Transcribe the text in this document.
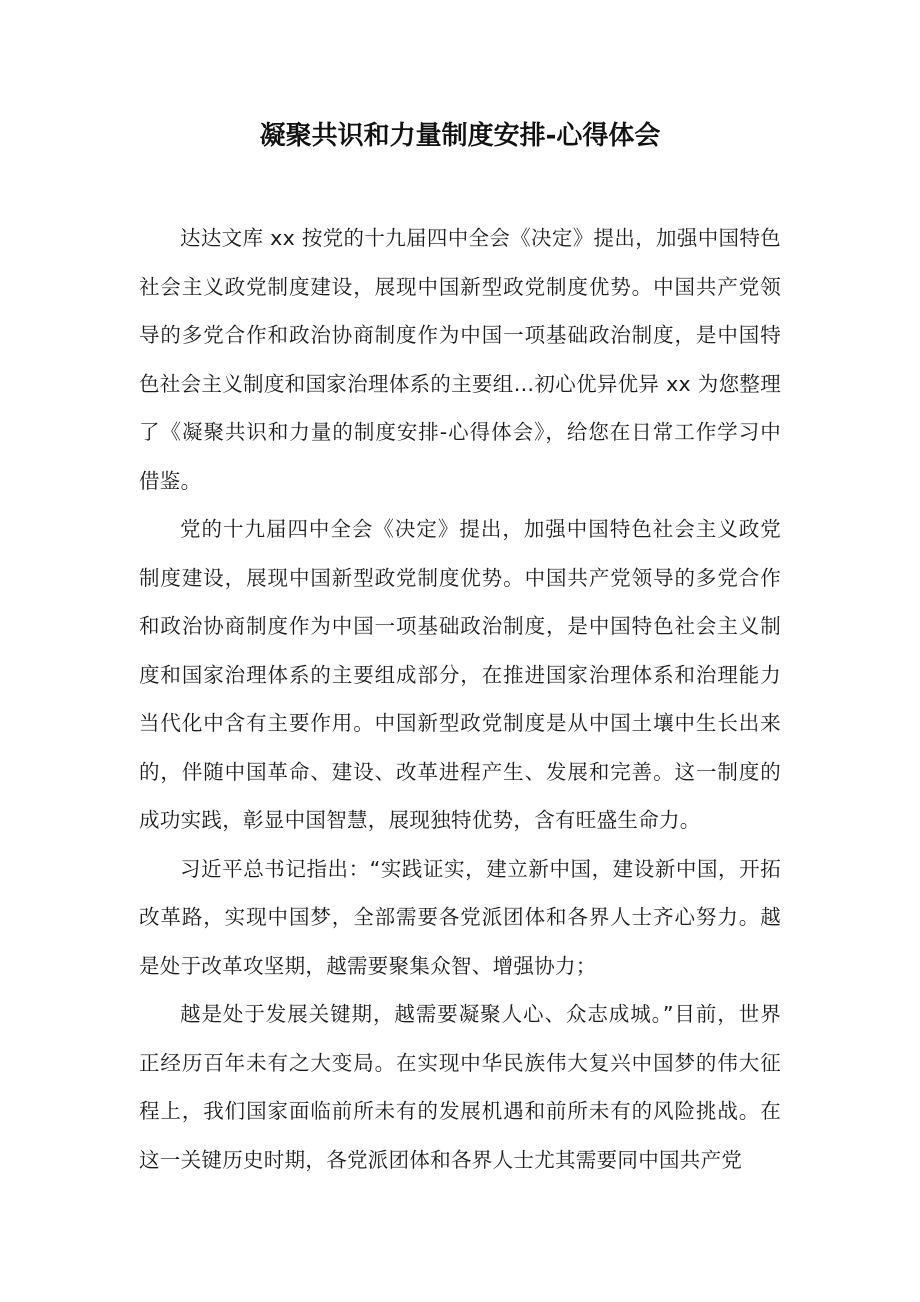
凝聚共识和力量制度安排-心得体会

达达文库 xx 按党的十九届四中全会《决定》提出，加强中国特色社会主义政党制度建设，展现中国新型政党制度优势。中国共产党领导的多党合作和政治协商制度作为中国一项基础政治制度，是中国特色社会主义制度和国家治理体系的主要组…初心优异优异 xx 为您整理了《凝聚共识和力量的制度安排-心得体会》，给您在日常工作学习中借鉴。

党的十九届四中全会《决定》提出，加强中国特色社会主义政党制度建设，展现中国新型政党制度优势。中国共产党领导的多党合作和政治协商制度作为中国一项基础政治制度，是中国特色社会主义制度和国家治理体系的主要组成部分，在推进国家治理体系和治理能力当代化中含有主要作用。中国新型政党制度是从中国土壤中生长出来的，伴随中国革命、建设、改革进程产生、发展和完善。这一制度的成功实践，彰显中国智慧，展现独特优势，含有旺盛生命力。

习近平总书记指出：“实践证实，建立新中国，建设新中国，开拓改革路，实现中国梦，全部需要各党派团体和各界人士齐心努力。越是处于改革攻坚期，越需要聚集众智、增强协力；

越是处于发展关键期，越需要凝聚人心、众志成城。”目前，世界正经历百年未有之大变局。在实现中华民族伟大复兴中国梦的伟大征程上，我们国家面临前所未有的发展机遇和前所未有的风险挑战。在这一关键历史时期，各党派团体和各界人士尤其需要同中国共产党
